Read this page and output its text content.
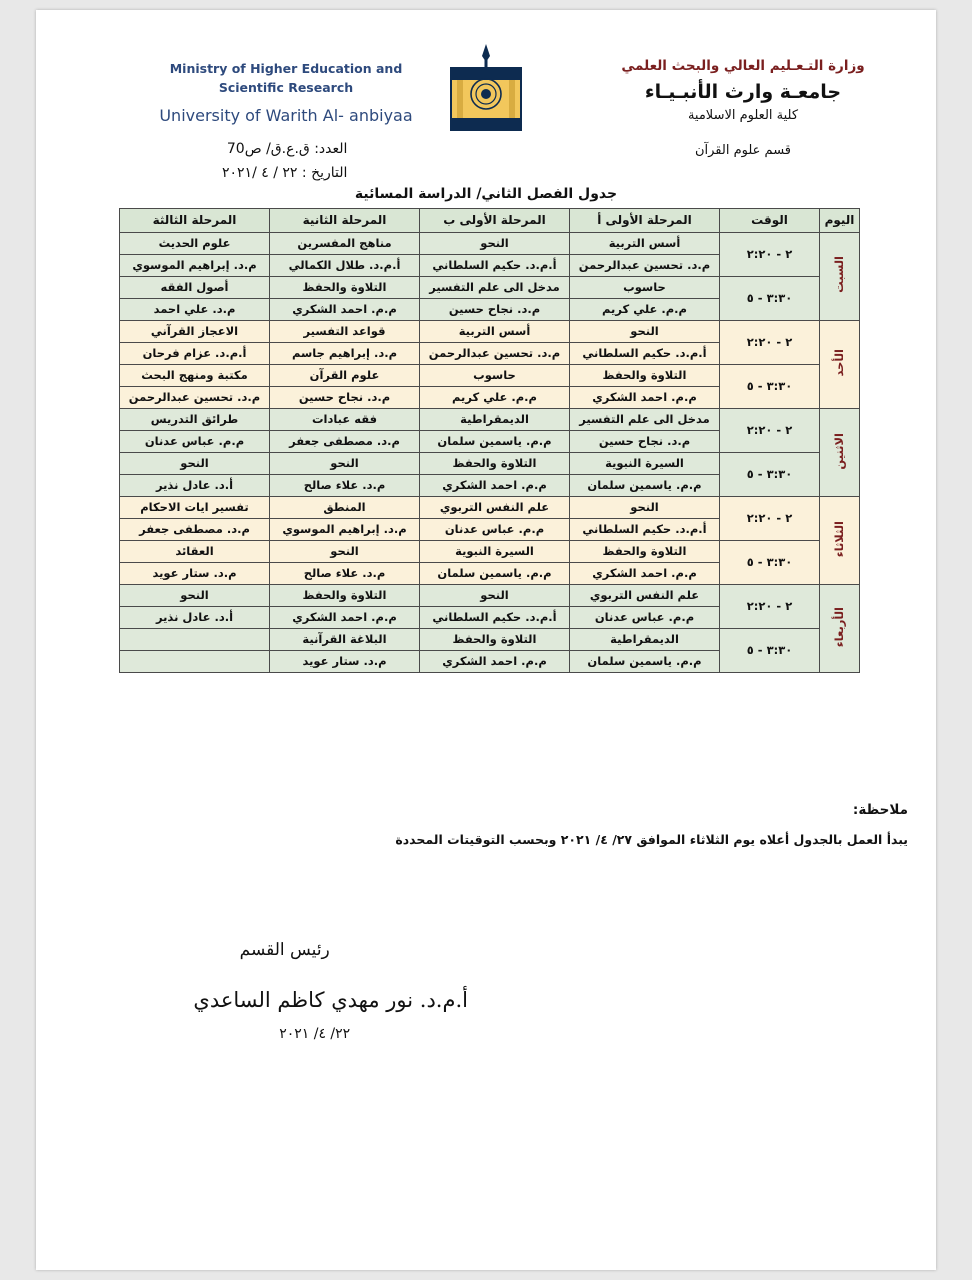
وزارة التـعـليم العالي والبحث العلمي
جامعـة وارث الأنبـيـاء
كلية العلوم الاسلامية
قسم علوم القرآن
Ministry of Higher Education and
Scientific Research
University of Warith Al- anbiyaa
العدد: ق.ع.ق/ ص70
التاريخ : ٢٢ / ٤ /٢٠٢١
جدول الفصل الثاني/ الدراسة المسائية
اليوم	الوقت	المرحلة الأولى أ	المرحلة الأولى ب	المرحلة الثانية	المرحلة الثالثة
السبت	٢ - ٢:٢٠	أسس التربية	النحو	مناهج المفسرين	علوم الحديث
		م.د. تحسين عبدالرحمن	أ.م.د. حكيم السلطاني	أ.م.د. طلال الكمالي	م.د. إبراهيم الموسوي
	٣:٣٠ - ٥	حاسوب	مدخل الى علم التفسير	التلاوة والحفظ	أصول الفقه
		م.م. علي كريم	م.د. نجاح حسين	م.م. احمد الشكري	م.د. علي احمد
الأحد	٢ - ٢:٢٠	النحو	أسس التربية	قواعد التفسير	الاعجاز القرآني
		أ.م.د. حكيم السلطاني	م.د. تحسين عبدالرحمن	م.د. إبراهيم جاسم	أ.م.د. عزام فرحان
	٣:٣٠ - ٥	التلاوة والحفظ	حاسوب	علوم القرآن	مكتبة ومنهج البحث
		م.م. احمد الشكري	م.م. علي كريم	م.د. نجاح حسين	م.د. تحسين عبدالرحمن
الاثنين	٢ - ٢:٢٠	مدخل الى علم التفسير	الديمقراطية	فقه عبادات	طرائق التدريس
		م.د. نجاح حسين	م.م. ياسمين سلمان	م.د. مصطفى جعفر	م.م. عباس عدنان
	٣:٣٠ - ٥	السيرة النبوية	التلاوة والحفظ	النحو	النحو
		م.م. ياسمين سلمان	م.م. احمد الشكري	م.د. علاء صالح	أ.د. عادل نذير
الثلاثاء	٢ - ٢:٢٠	النحو	علم النفس التربوي	المنطق	تفسير ايات الاحكام
		أ.م.د. حكيم السلطاني	م.م. عباس عدنان	م.د. إبراهيم الموسوي	م.د. مصطفى جعفر
	٣:٣٠ - ٥	التلاوة والحفظ	السيرة النبوية	النحو	العقائد
		م.م. احمد الشكري	م.م. ياسمين سلمان	م.د. علاء صالح	م.د. ستار عويد
الأربعاء	٢ - ٢:٢٠	علم النفس التربوي	النحو	التلاوة والحفظ	النحو
		م.م. عباس عدنان	أ.م.د. حكيم السلطاني	م.م. احمد الشكري	أ.د. عادل نذير
	٣:٣٠ - ٥	الديمقراطية	التلاوة والحفظ	البلاغة القرآنية	
		م.م. ياسمين سلمان	م.م. احمد الشكري	م.د. ستار عويد	
ملاحظة:
يبدأ العمل بالجدول أعلاه يوم الثلاثاء الموافق ٢٧/ ٤/ ٢٠٢١ وبحسب التوقيتات المحددة
رئيس القسم
أ.م.د. نور مهدي كاظم الساعدي
٢٢/ ٤/ ٢٠٢١
